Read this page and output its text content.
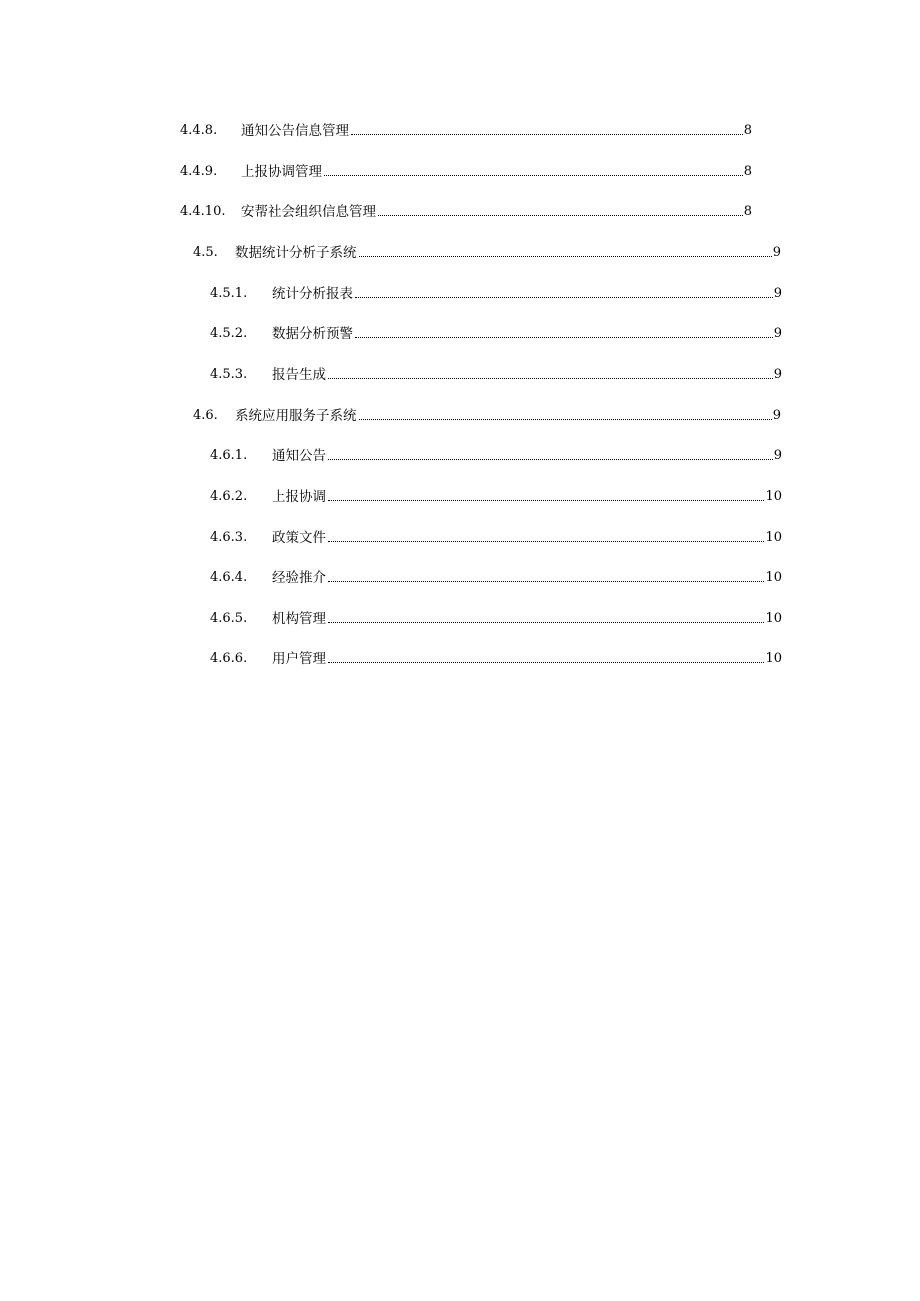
4.4.8.	通知公告信息管理	8
4.4.9.	上报协调管理	8
4.4.10.	安帮社会组织信息管理	8
4.5.	数据统计分析子系统	9
4.5.1.	统计分析报表	9
4.5.2.	数据分析预警	9
4.5.3.	报告生成	9
4.6.	系统应用服务子系统	9
4.6.1.	通知公告	9
4.6.2.	上报协调	10
4.6.3.	政策文件	10
4.6.4.	经验推介	10
4.6.5.	机构管理	10
4.6.6.	用户管理	10
